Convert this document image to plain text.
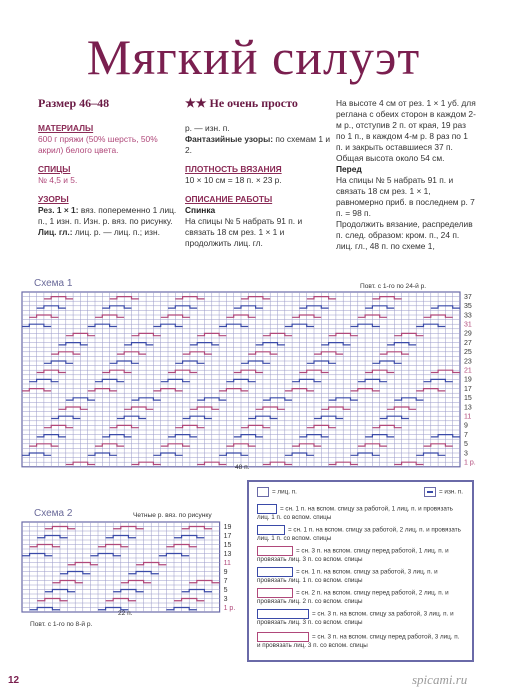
Мягкий силуэт
Размер 46–48
МАТЕРИАЛЫ
600 г пряжи (50% шерсть, 50% акрил) белого цвета.
СПИЦЫ
№ 4,5 и 5.
УЗОРЫ
Рез. 1 × 1: вяз. попеременно 1 лиц. п., 1 изн. п. Изн. р. вяз. по рисунку.
Лиц. гл.: лиц. р. — лиц. п.; изн.
★★ Не очень просто
р. — изн. п.
Фантазийные узоры: по схемам 1 и 2.
ПЛОТНОСТЬ ВЯЗАНИЯ
10 × 10 см = 18 п. × 23 р.
ОПИСАНИЕ РАБОТЫ
Спинка
На спицы № 5 набрать 91 п. и связать 18 см рез. 1 × 1 и продолжить лиц. гл.
На высоте 4 см от рез. 1 × 1 уб. для реглана с обеих сторон в каждом 2-м р., отступив 2 п. от края, 19 раз по 1 п., в каждом 4-м р. 8 раз по 1 п. и закрыть оставшиеся 37 п. Общая высота около 54 см.
Перед
На спицы № 5 набрать 91 п. и связать 18 см рез. 1 × 1, равномерно приб. в последнем р. 7 п. = 98 п.
Продолжить вязание, распределив п. след. образом: кром. п., 24 п. лиц. гл., 48 п. по схеме 1,
Схема 1	Повт. с 1-го по 24-й р.
37
35
33
31
29
27
25
23
21
19
17
15
13
11
9
7
5
3
1 р.
48 п.
Схема 2	Четные р. вяз. по рисунку
19
17
15
13
11
9
7
5
3
1 р.
22 п.
Повт. с 1-го по 8-й р.
= лиц. п.	= изн. п.
= сн. 1 п. на вспом. спицу за работой, 1 лиц. п. и провязать лиц. 1 п. со вспом. спицы
= сн. 1 п. на вспом. спицу за работой, 2 лиц. п. и провязать лиц. 1 п. со вспом. спицы
= сн. 3 п. на вспом. спицу перед работой, 1 лиц. п. и провязать лиц. 3 п. со вспом. спицы
= сн. 1 п. на вспом. спицу за работой, 3 лиц. п. и провязать лиц. 1 п. со вспом. спицы
= сн. 2 п. на вспом. спицу перед работой, 2 лиц. п. и провязать лиц. 2 п. со вспом. спицы
= сн. 3 п. на вспом. спицу за работой, 3 лиц. п. и провязать лиц. 3 п. со вспом. спицы
= сн. 3 п. на вспом. спицу перед работой, 3 лиц. п. и провязать лиц. 3 п. со вспом. спицы
12	spicami.ru
